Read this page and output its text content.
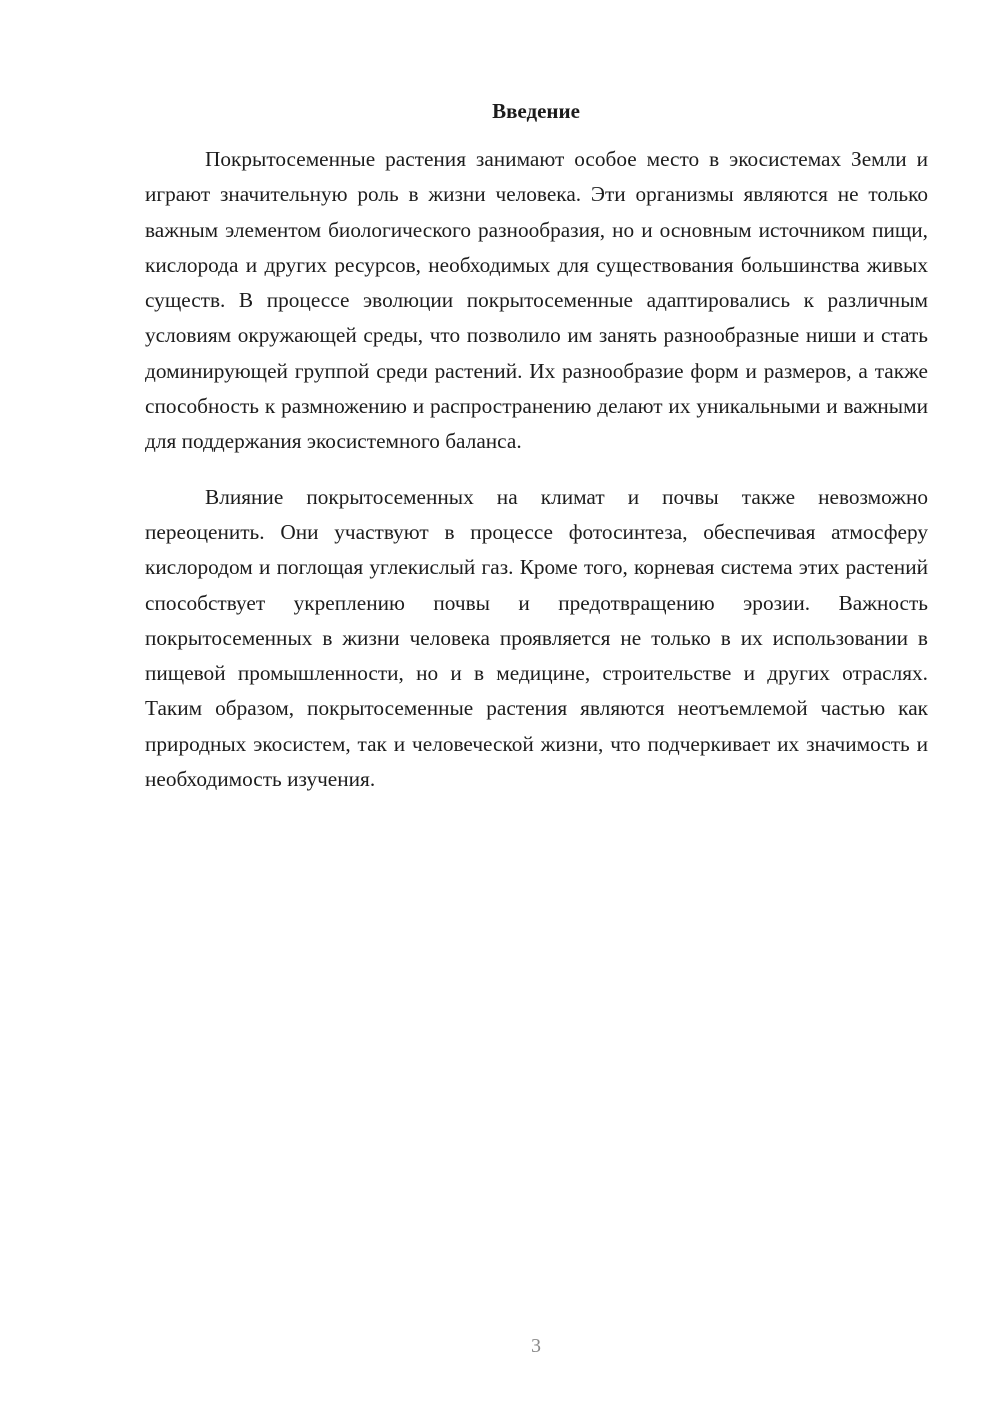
Введение

Покрытосеменные растения занимают особое место в экосистемах Земли и играют значительную роль в жизни человека. Эти организмы являются не только важным элементом биологического разнообразия, но и основным источником пищи, кислорода и других ресурсов, необходимых для существования большинства живых существ. В процессе эволюции покрытосеменные адаптировались к различным условиям окружающей среды, что позволило им занять разнообразные ниши и стать доминирующей группой среди растений. Их разнообразие форм и размеров, а также способность к размножению и распространению делают их уникальными и важными для поддержания экосистемного баланса.

Влияние покрытосеменных на климат и почвы также невозможно переоценить. Они участвуют в процессе фотосинтеза, обеспечивая атмосферу кислородом и поглощая углекислый газ. Кроме того, корневая система этих растений способствует укреплению почвы и предотвращению эрозии. Важность покрытосеменных в жизни человека проявляется не только в их использовании в пищевой промышленности, но и в медицине, строительстве и других отраслях. Таким образом, покрытосеменные растения являются неотъемлемой частью как природных экосистем, так и человеческой жизни, что подчеркивает их значимость и необходимость изучения.

3
